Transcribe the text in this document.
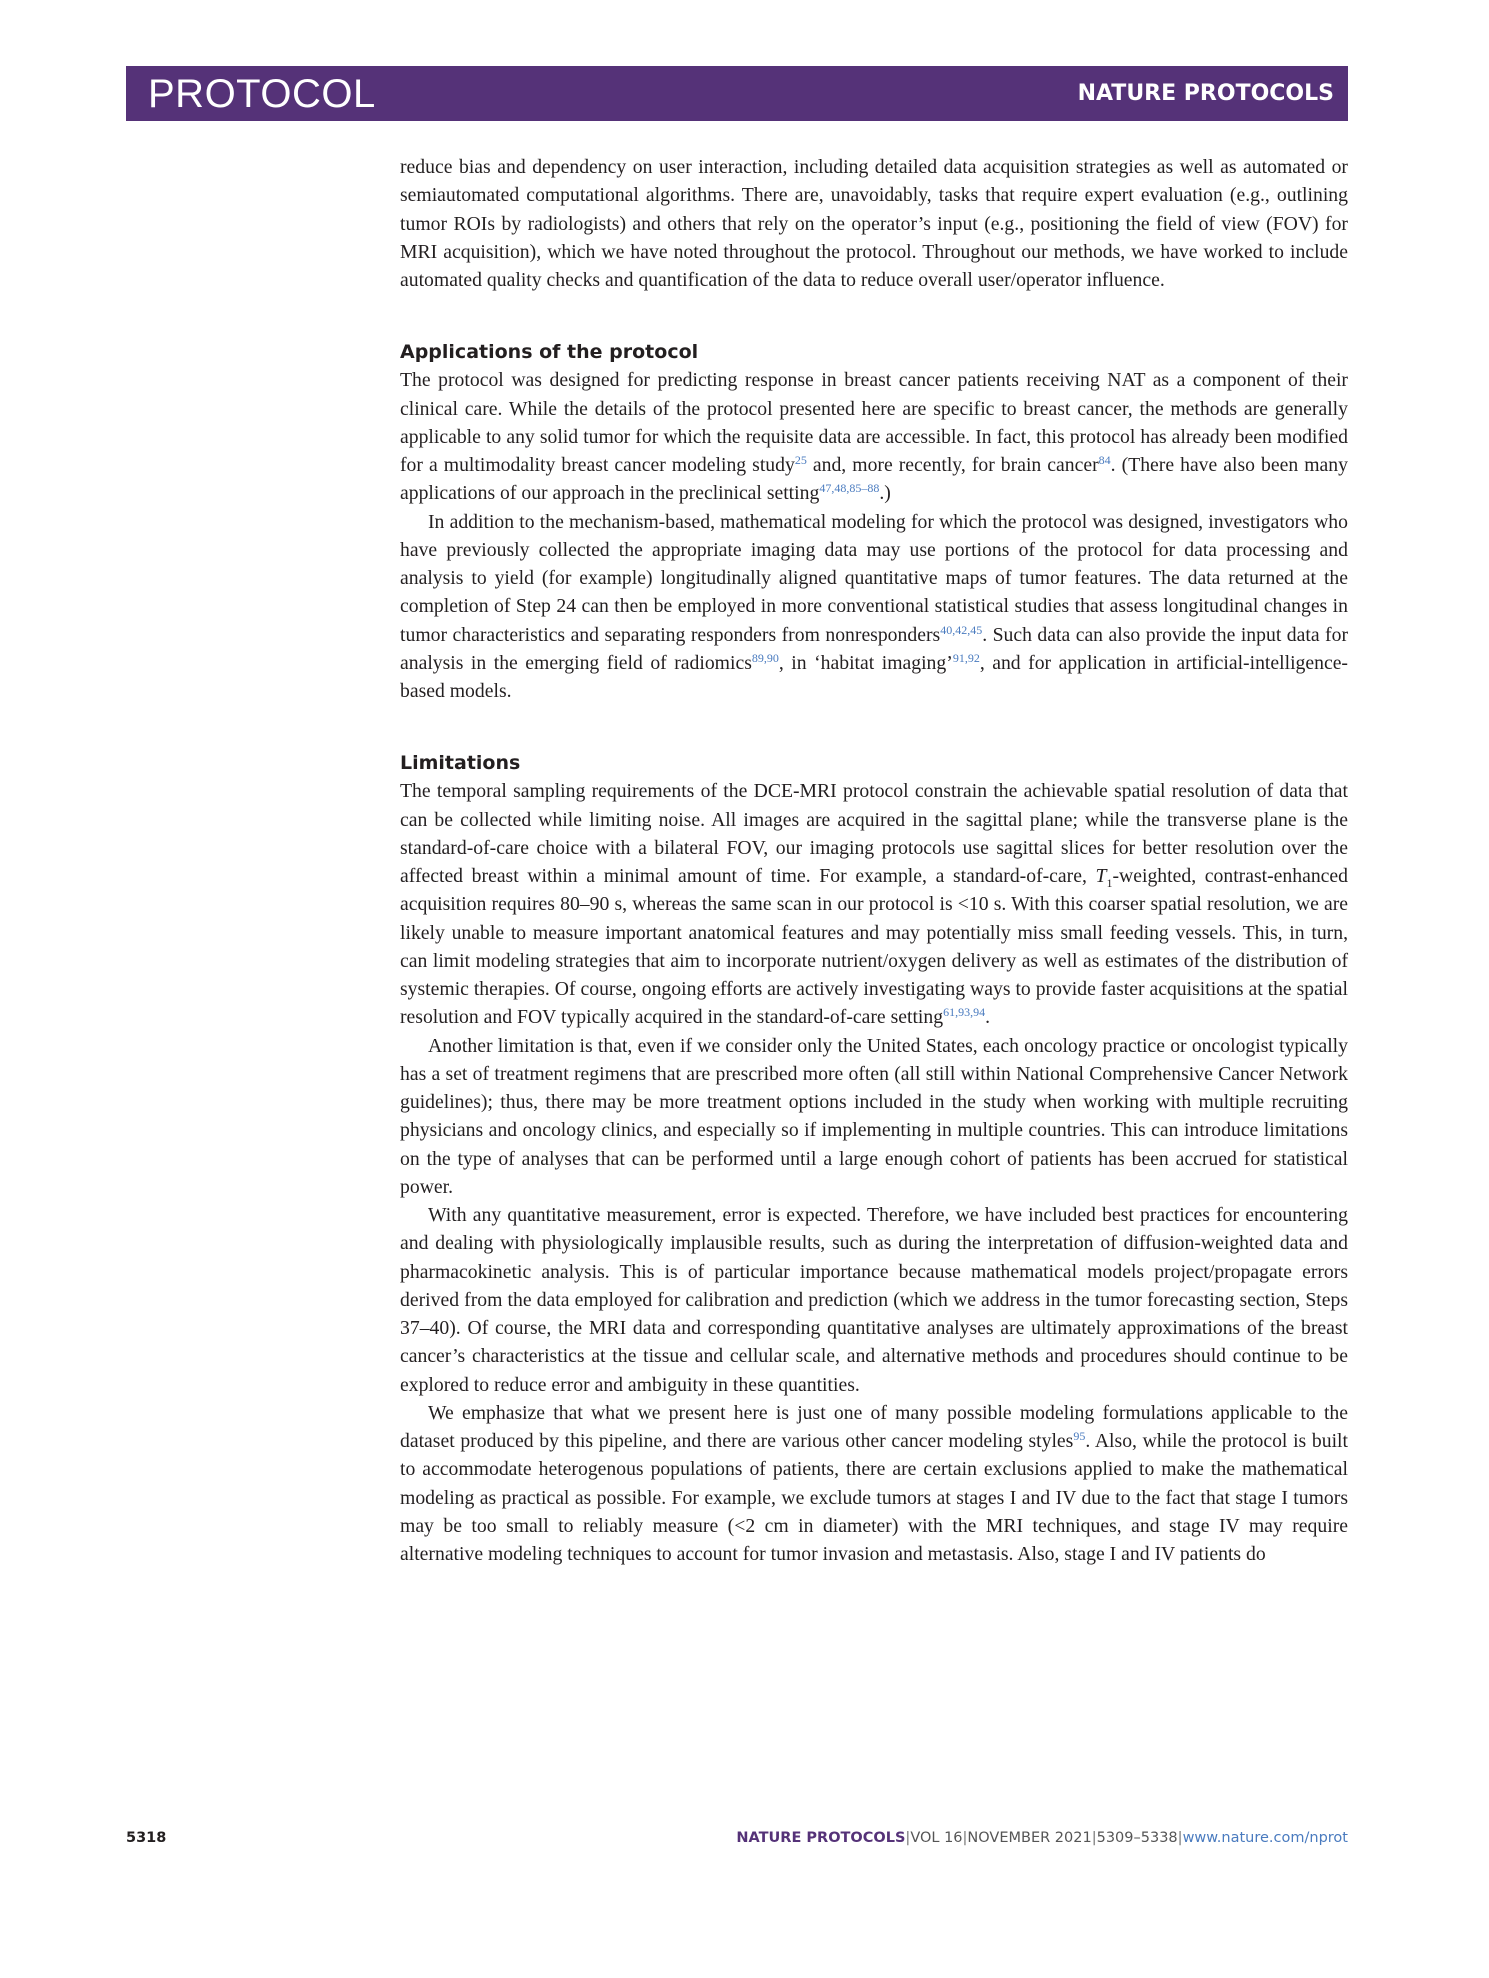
PROTOCOL	NATURE PROTOCOLS

reduce bias and dependency on user interaction, including detailed data acquisition strategies as well as automated or semiautomated computational algorithms. There are, unavoidably, tasks that require expert evaluation (e.g., outlining tumor ROIs by radiologists) and others that rely on the operator’s input (e.g., positioning the field of view (FOV) for MRI acquisition), which we have noted throughout the protocol. Throughout our methods, we have worked to include automated quality checks and quantification of the data to reduce overall user/operator influence.

Applications of the protocol

The protocol was designed for predicting response in breast cancer patients receiving NAT as a component of their clinical care. While the details of the protocol presented here are specific to breast cancer, the methods are generally applicable to any solid tumor for which the requisite data are accessible. In fact, this protocol has already been modified for a multimodality breast cancer modeling study$^{25}$ and, more recently, for brain cancer$^{84}$. (There have also been many applications of our approach in the preclinical setting$^{47,48,85-88}$.)

In addition to the mechanism-based, mathematical modeling for which the protocol was designed, investigators who have previously collected the appropriate imaging data may use portions of the protocol for data processing and analysis to yield (for example) longitudinally aligned quantitative maps of tumor features. The data returned at the completion of Step 24 can then be employed in more conventional statistical studies that assess longitudinal changes in tumor characteristics and separating responders from nonresponders$^{40,42,45}$. Such data can also provide the input data for analysis in the emerging field of radiomics$^{89,90}$, in ‘habitat imaging’$^{91,92}$, and for application in artificial-intelligence-based models.

Limitations

The temporal sampling requirements of the DCE-MRI protocol constrain the achievable spatial resolution of data that can be collected while limiting noise. All images are acquired in the sagittal plane; while the transverse plane is the standard-of-care choice with a bilateral FOV, our imaging protocols use sagittal slices for better resolution over the affected breast within a minimal amount of time. For example, a standard-of-care, $T_1$-weighted, contrast-enhanced acquisition requires 80–90 s, whereas the same scan in our protocol is <10 s. With this coarser spatial resolution, we are likely unable to measure important anatomical features and may potentially miss small feeding vessels. This, in turn, can limit modeling strategies that aim to incorporate nutrient/oxygen delivery as well as estimates of the distribution of systemic therapies. Of course, ongoing efforts are actively investigating ways to provide faster acquisitions at the spatial resolution and FOV typically acquired in the standard-of-care setting$^{61,93,94}$.

Another limitation is that, even if we consider only the United States, each oncology practice or oncologist typically has a set of treatment regimens that are prescribed more often (all still within National Comprehensive Cancer Network guidelines); thus, there may be more treatment options included in the study when working with multiple recruiting physicians and oncology clinics, and especially so if implementing in multiple countries. This can introduce limitations on the type of analyses that can be performed until a large enough cohort of patients has been accrued for statistical power.

With any quantitative measurement, error is expected. Therefore, we have included best practices for encountering and dealing with physiologically implausible results, such as during the interpretation of diffusion-weighted data and pharmacokinetic analysis. This is of particular importance because mathematical models project/propagate errors derived from the data employed for calibration and prediction (which we address in the tumor forecasting section, Steps 37–40). Of course, the MRI data and corresponding quantitative analyses are ultimately approximations of the breast cancer’s characteristics at the tissue and cellular scale, and alternative methods and procedures should continue to be explored to reduce error and ambiguity in these quantities.

We emphasize that what we present here is just one of many possible modeling formulations applicable to the dataset produced by this pipeline, and there are various other cancer modeling styles$^{95}$. Also, while the protocol is built to accommodate heterogenous populations of patients, there are certain exclusions applied to make the mathematical modeling as practical as possible. For example, we exclude tumors at stages I and IV due to the fact that stage I tumors may be too small to reliably measure (<2 cm in diameter) with the MRI techniques, and stage IV may require alternative modeling techniques to account for tumor invasion and metastasis. Also, stage I and IV patients do

5318	NATURE PROTOCOLS|VOL 16|NOVEMBER 2021|5309–5338|www.nature.com/nprot
